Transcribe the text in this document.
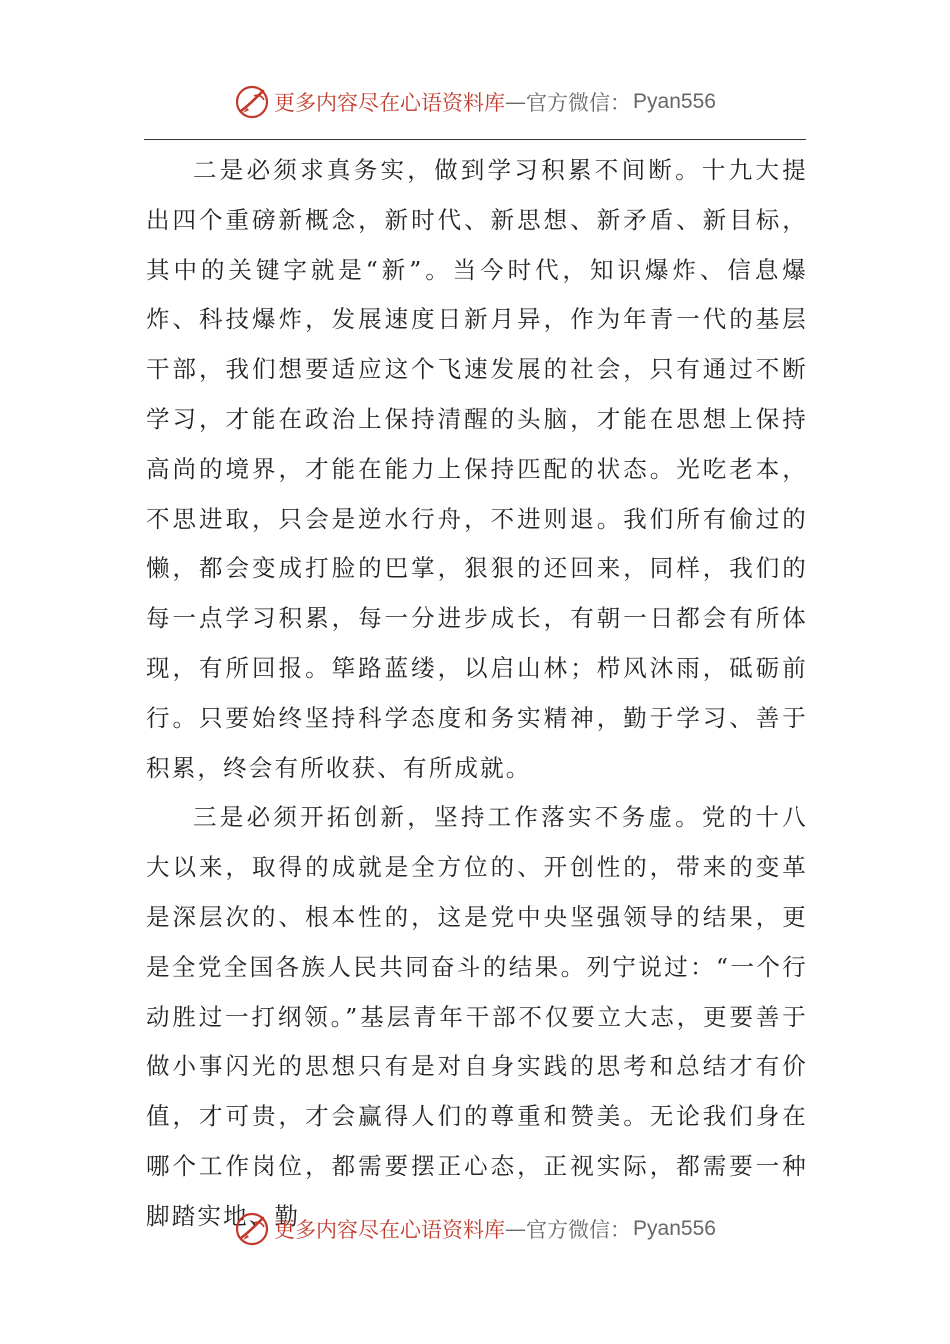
更多内容尽在心语资料库 — 官方微信： Pyan556

二是必须求真务实，做到学习积累不间断。十九大提出四个重磅新概念，新时代、新思想、新矛盾、新目标，其中的关键字就是“新”。当今时代，知识爆炸、信息爆炸、科技爆炸，发展速度日新月异，作为年青一代的基层干部，我们想要适应这个飞速发展的社会，只有通过不断学习，才能在政治上保持清醒的头脑，才能在思想上保持高尚的境界，才能在能力上保持匹配的状态。光吃老本，不思进取，只会是逆水行舟，不进则退。我们所有偷过的懒，都会变成打脸的巴掌，狠狠的还回来，同样，我们的每一点学习积累，每一分进步成长，有朝一日都会有所体现，有所回报。筚路蓝缕，以启山林；栉风沐雨，砥砺前行。只要始终坚持科学态度和务实精神，勤于学习、善于积累，终会有所收获、有所成就。

三是必须开拓创新，坚持工作落实不务虚。党的十八大以来，取得的成就是全方位的、开创性的，带来的变革是深层次的、根本性的，这是党中央坚强领导的结果，更是全党全国各族人民共同奋斗的结果。列宁说过：“一个行动胜过一打纲领。”基层青年干部不仅要立大志，更要善于做小事闪光的思想只有是对自身实践的思考和总结才有价值，才可贵，才会赢得人们的尊重和赞美。无论我们身在哪个工作岗位，都需要摆正心态，正视实际，都需要一种脚踏实地、勤

更多内容尽在心语资料库 — 官方微信： Pyan556
